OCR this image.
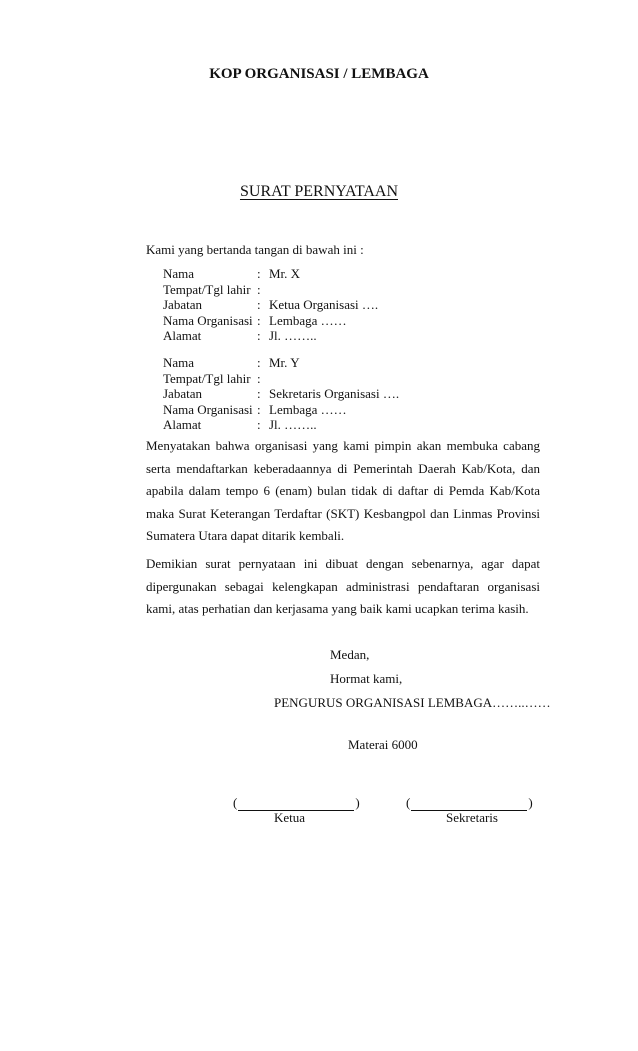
KOP ORGANISASI / LEMBAGA
SURAT PERNYATAAN
Kami yang bertanda tangan di bawah ini :
Nama	: Mr. X
Tempat/Tgl lahir :
Jabatan	: Ketua Organisasi ….
Nama Organisasi : Lembaga ……
Alamat	: Jl. ……..
Nama	: Mr. Y
Tempat/Tgl lahir :
Jabatan	: Sekretaris Organisasi ….
Nama Organisasi : Lembaga ……
Alamat	: Jl. ……..
Menyatakan bahwa organisasi yang kami pimpin akan membuka cabang serta mendaftarkan keberadaannya di Pemerintah Daerah Kab/Kota, dan apabila dalam tempo 6 (enam) bulan tidak di daftar di Pemda Kab/Kota maka Surat Keterangan Terdaftar (SKT) Kesbangpol dan Linmas Provinsi Sumatera Utara dapat ditarik kembali.
Demikian surat pernyataan ini dibuat dengan sebenarnya, agar dapat dipergunakan sebagai kelengkapan administrasi pendaftaran organisasi kami, atas perhatian dan kerjasama yang baik kami ucapkan terima kasih.
Medan,
Hormat kami,
PENGURUS ORGANISASI LEMBAGA……..……
Materai 6000
(	)	(	)
Ketua	Sekretaris
